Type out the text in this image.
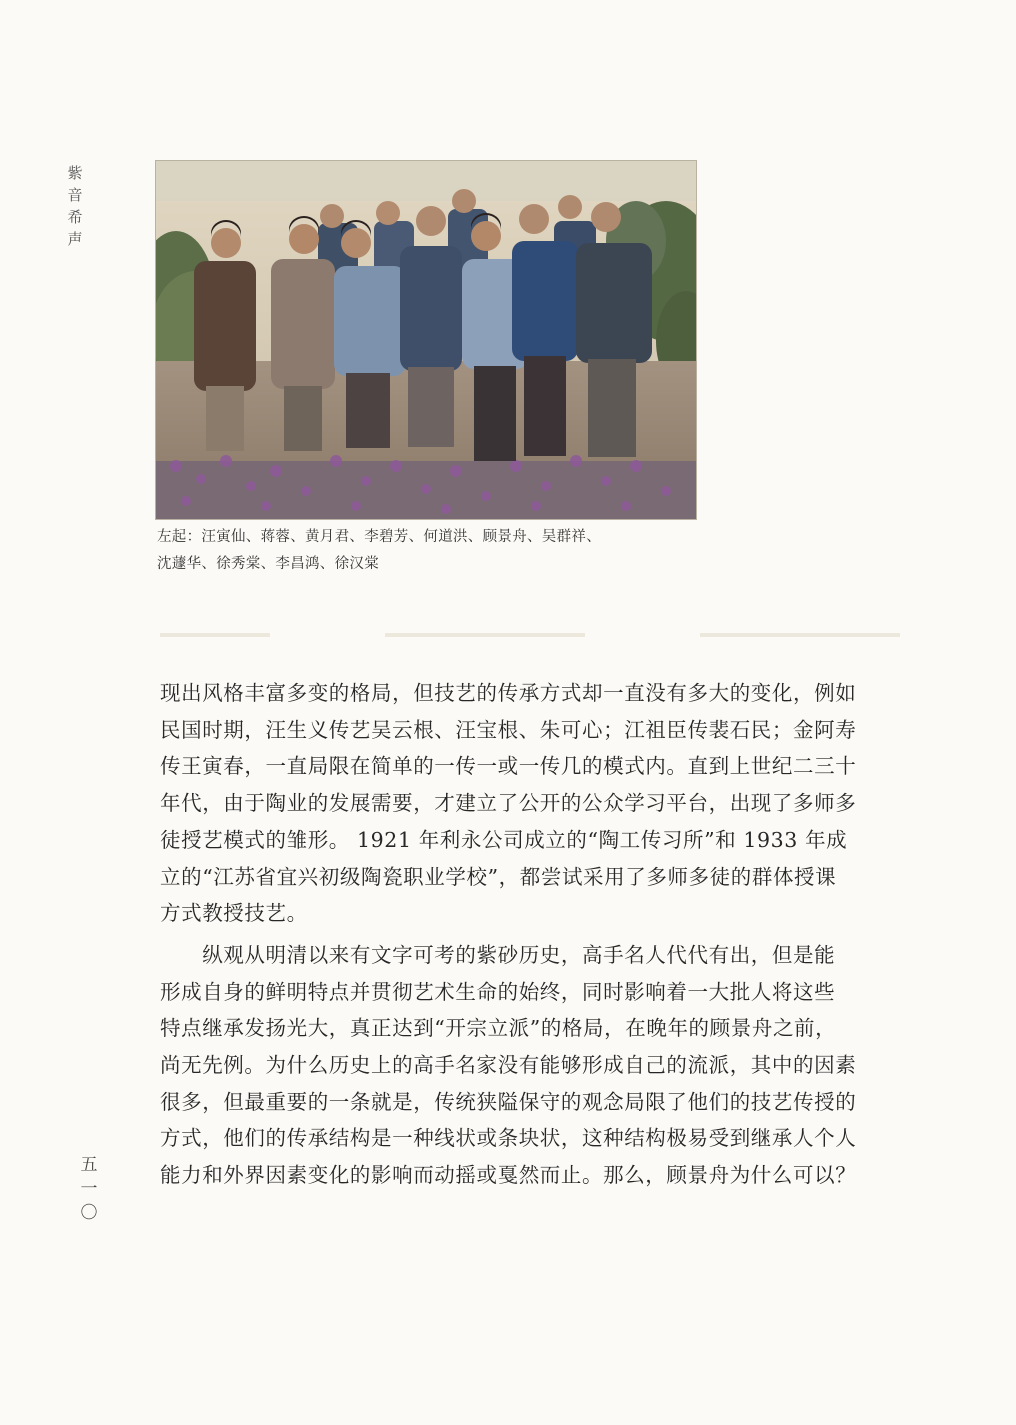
紫
音
希
声

左起：汪寅仙、蒋蓉、黄月君、李碧芳、何道洪、顾景舟、吴群祥、

沈蘧华、徐秀棠、李昌鸿、徐汉棠

现出风格丰富多变的格局，但技艺的传承方式却一直没有多大的变化，例如
民国时期，汪生义传艺吴云根、汪宝根、朱可心；江祖臣传裴石民；金阿寿
传王寅春，一直局限在简单的一传一或一传几的模式内。直到上世纪二三十
年代，由于陶业的发展需要，才建立了公开的公众学习平台，出现了多师多
徒授艺模式的雏形。 1921 年利永公司成立的“陶工传习所”和 1933 年成
立的“江苏省宜兴初级陶瓷职业学校”，都尝试采用了多师多徒的群体授课
方式教授技艺。
　　纵观从明清以来有文字可考的紫砂历史，高手名人代代有出，但是能
形成自身的鲜明特点并贯彻艺术生命的始终，同时影响着一大批人将这些
特点继承发扬光大，真正达到“开宗立派”的格局，在晚年的顾景舟之前，
尚无先例。为什么历史上的高手名家没有能够形成自己的流派，其中的因素
很多，但最重要的一条就是，传统狭隘保守的观念局限了他们的技艺传授的
方式，他们的传承结构是一种线状或条块状，这种结构极易受到继承人个人
能力和外界因素变化的影响而动摇或戛然而止。那么，顾景舟为什么可以？
五
一
〇
